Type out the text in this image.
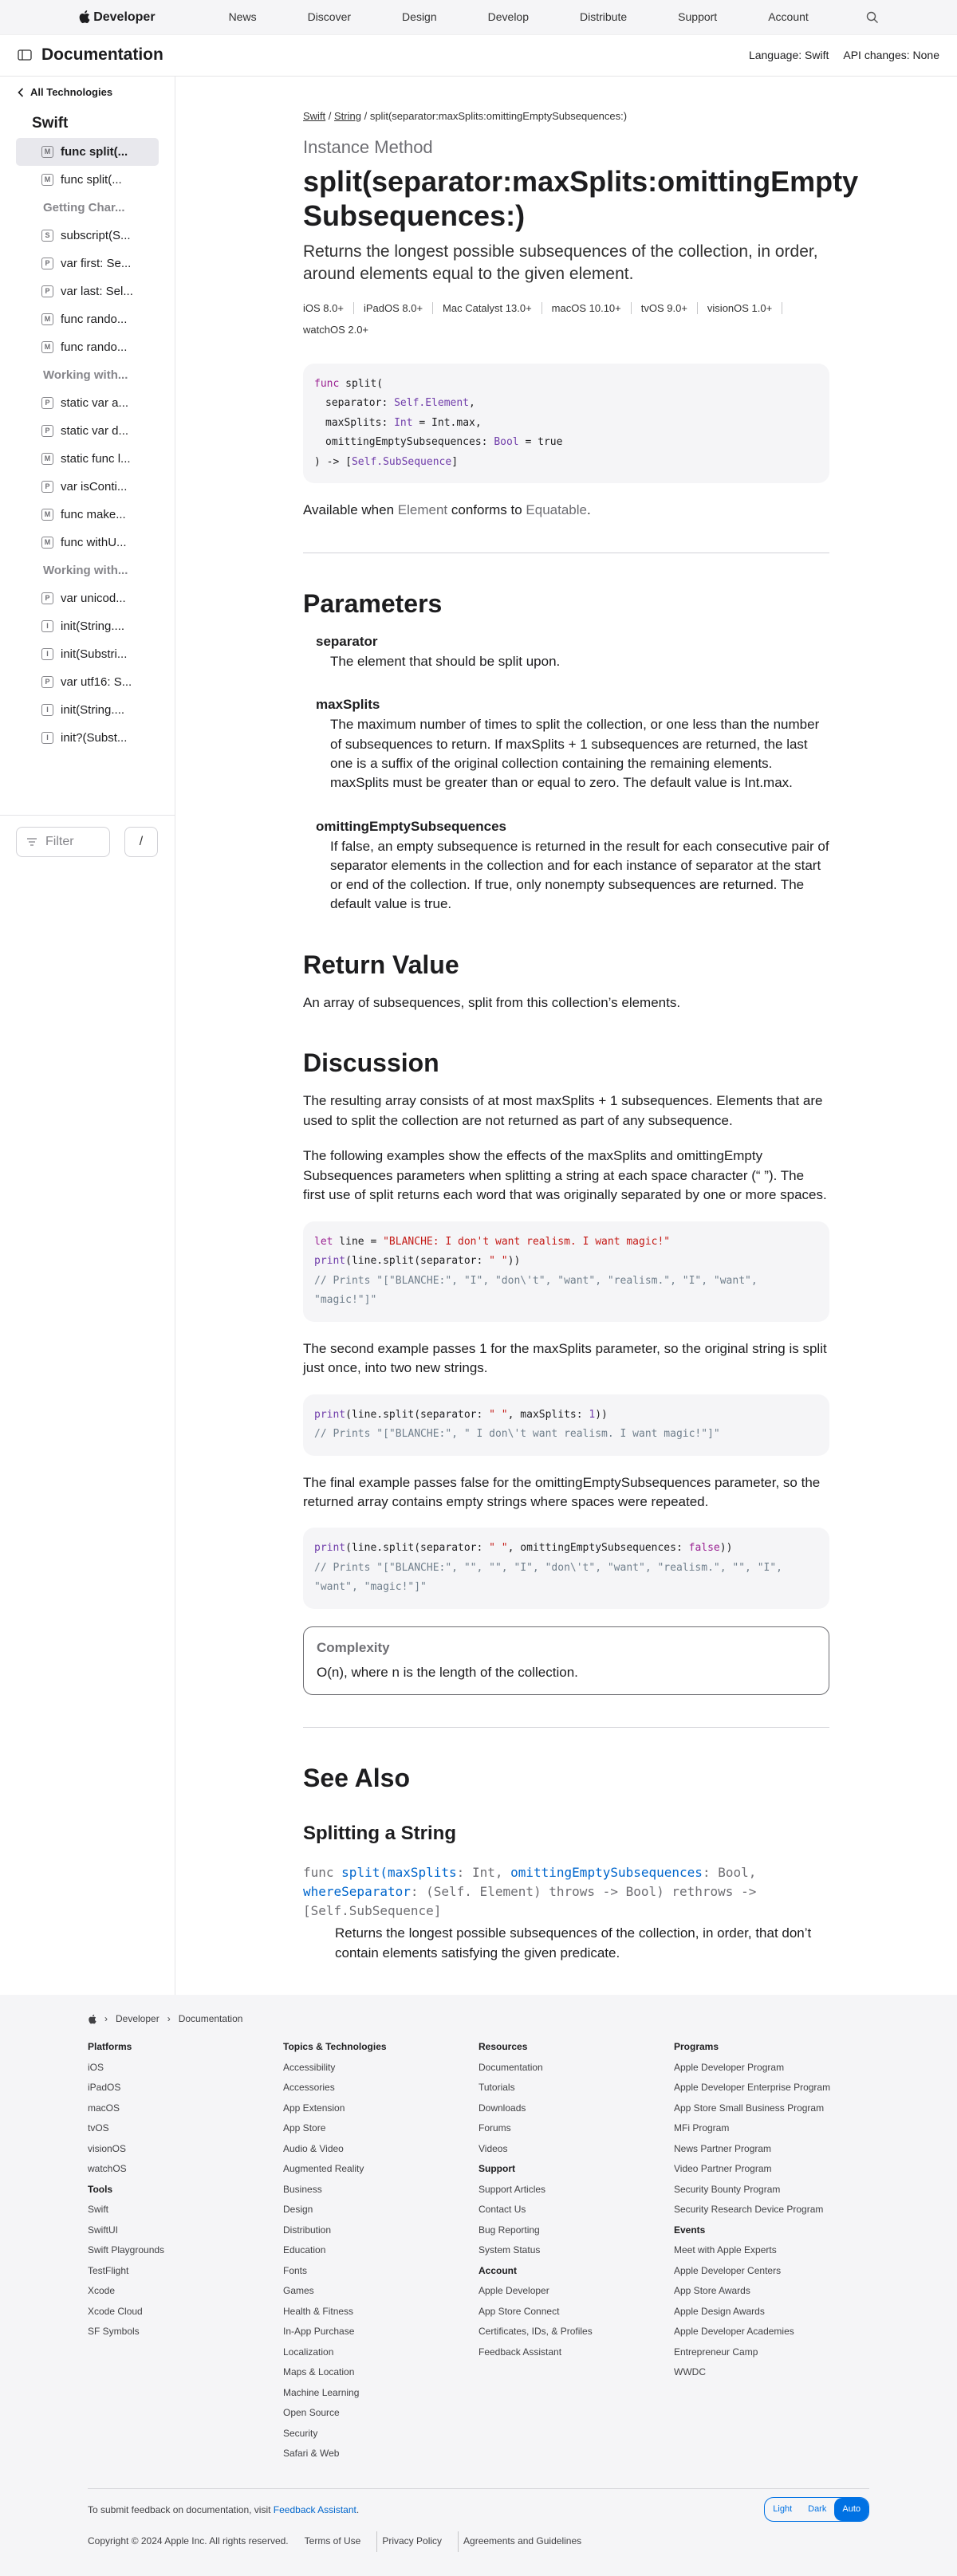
Developer	News	Discover	Design	Develop	Distribute	Support	Account
Documentation	Language: Swift API changes: None
All Technologies
Swift
M func split(...
M func split(...
Getting Char...
S subscript(S...
P var first: Se...
P var last: Sel...
M func rando...
M func rando...
Working with...
P static var a...
P static var d...
M static func l...
P var isConti...
M func make...
M func withU...
Working with...
P var unicod...
I	init(String....
I	init(Substri...
P var utf16: S...
I	init(String....
I	init?(Subst...
Filter	/
Swift / String / split(separator:maxSplits:omittingEmptySubsequences:)
Instance Method
split(separator:maxSplits:omittingEmpty Subsequences:)
Returns the longest possible subsequences of the collection, in order, around elements equal to the given element.
iOS 8.0+ iPadOS 8.0+ Mac Catalyst 13.0+ macOS 10.10+ tvOS 9.0+ visionOS 1.0+
watchOS 2.0+
func split(
separator: Self.Element,
maxSplits: Int = Int.max,
omittingEmptySubsequences: Bool = true
) -> [Self.SubSequence]
Available when Element conforms to Equatable.
Parameters
separator
The element that should be split upon.
maxSplits
The maximum number of times to split the collection, or one less than the number of subsequences to return. If maxSplits + 1 subsequences are returned, the last one is a suffix of the original collection containing the remaining elements. maxSplits must be greater than or equal to zero. The default value is Int.max.
omittingEmptySubsequences
If false, an empty subsequence is returned in the result for each consecutive pair of separator elements in the collection and for each instance of separator at the start or end of the collection. If true, only nonempty subsequences are returned. The default value is true.
Return Value

An array of subsequences, split from this collection’s elements.

Discussion

The resulting array consists of at most maxSplits + 1 subsequences. Elements that are used to split the collection are not returned as part of any subsequence.

The following examples show the effects of the maxSplits and omittingEmpty Subsequences parameters when splitting a string at each space character (“ ”). The first use of split returns each word that was originally separated by one or more spaces.

let line = "BLANCHE: I don't want realism. I want magic!"
print(line.split(separator: " "))
// Prints "["BLANCHE:", "I", "don\'t", "want", "realism.", "I", "want", "magic!"]"

The second example passes 1 for the maxSplits parameter, so the original string is split just once, into two new strings.

print(line.split(separator: " ", maxSplits: 1))
// Prints "["BLANCHE:", " I don\'t want realism. I want magic!"]"

The final example passes false for the omittingEmptySubsequences parameter, so the returned array contains empty strings where spaces were repeated.

print(line.split(separator: " ", omittingEmptySubsequences: false))
// Prints "["BLANCHE:", "", "", "I", "don\'t", "want", "realism.", "", "I", "want", "magic!"]"
Complexity
O(n), where n is the length of the collection.
See Also
Splitting a String
func split(maxSplits: Int, omittingEmptySubsequences: Bool, whereSeparator: (Self. Element) throws -> Bool) rethrows -> [Self.SubSequence]
Returns the longest possible subsequences of the collection, in order, that don’t contain elements satisfying the given predicate.
› Developer › Documentation
Platforms
iOS
iPadOS
macOS
tvOS
visionOS
watchOS
Tools
Swift
SwiftUI
Swift Playgrounds
TestFlight
Xcode
Xcode Cloud
SF Symbols
Topics & Technologies
Accessibility
Accessories
App Extension
App Store
Audio & Video
Augmented Reality
Business
Design
Distribution
Education
Fonts
Games
Health & Fitness
In-App Purchase
Localization
Maps & Location
Machine Learning
Open Source
Security
Safari & Web
Resources
Documentation
Tutorials
Downloads
Forums
Videos
Support
Support Articles
Contact Us
Bug Reporting
System Status
Account
Apple Developer
App Store Connect
Certificates, IDs, & Profiles
Feedback Assistant
Programs
Apple Developer Program
Apple Developer Enterprise Program
App Store Small Business Program
MFi Program
News Partner Program
Video Partner Program
Security Bounty Program
Security Research Device Program
Events
Meet with Apple Experts
Apple Developer Centers
App Store Awards
Apple Design Awards
Apple Developer Academies
Entrepreneur Camp
WWDC
To submit feedback on documentation, visit Feedback Assistant.	Light	Dark	Auto
Copyright © 2024 Apple Inc. All rights reserved. Terms of Use	Privacy Policy	Agreements and Guidelines
